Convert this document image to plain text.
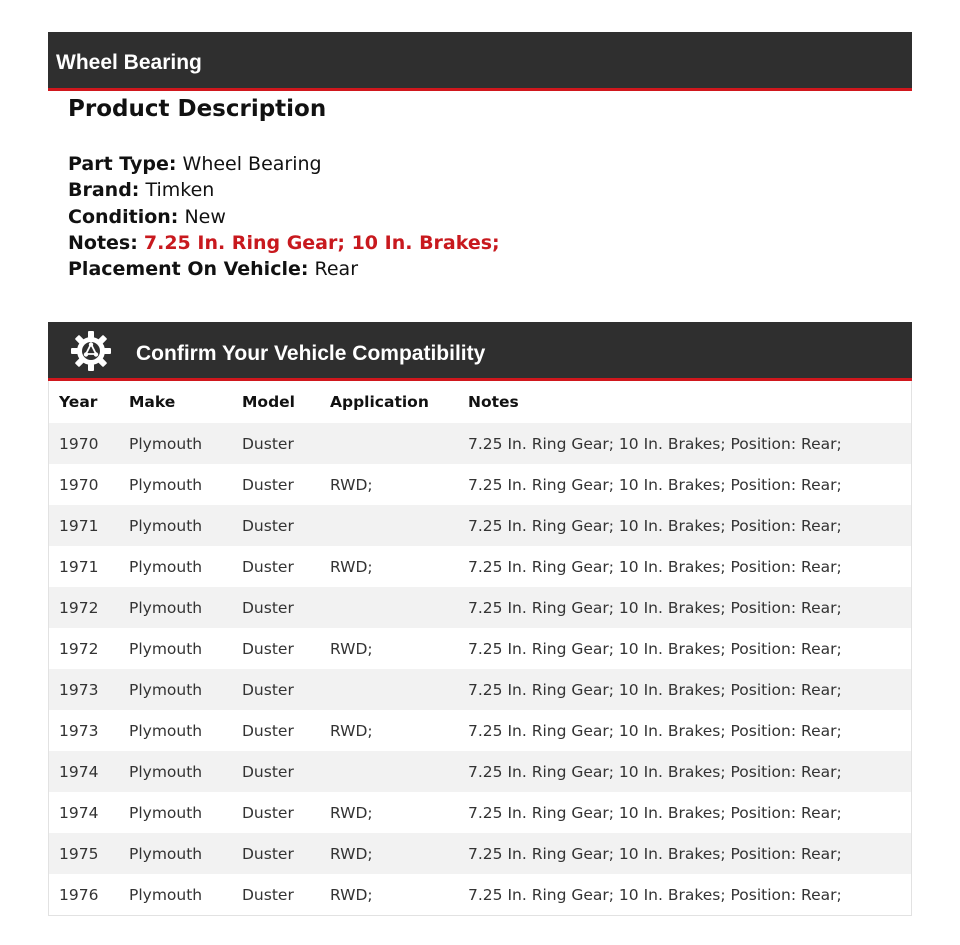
Wheel Bearing
Product Description
Part Type: Wheel Bearing
Brand: Timken
Condition: New
Notes: 7.25 In. Ring Gear; 10 In. Brakes;
Placement On Vehicle: Rear
Confirm Your Vehicle Compatibility
Year	Make	Model	Application	Notes
1970	Plymouth	Duster		7.25 In. Ring Gear; 10 In. Brakes; Position: Rear;
1970	Plymouth	Duster	RWD;	7.25 In. Ring Gear; 10 In. Brakes; Position: Rear;
1971	Plymouth	Duster		7.25 In. Ring Gear; 10 In. Brakes; Position: Rear;
1971	Plymouth	Duster	RWD;	7.25 In. Ring Gear; 10 In. Brakes; Position: Rear;
1972	Plymouth	Duster		7.25 In. Ring Gear; 10 In. Brakes; Position: Rear;
1972	Plymouth	Duster	RWD;	7.25 In. Ring Gear; 10 In. Brakes; Position: Rear;
1973	Plymouth	Duster		7.25 In. Ring Gear; 10 In. Brakes; Position: Rear;
1973	Plymouth	Duster	RWD;	7.25 In. Ring Gear; 10 In. Brakes; Position: Rear;
1974	Plymouth	Duster		7.25 In. Ring Gear; 10 In. Brakes; Position: Rear;
1974	Plymouth	Duster	RWD;	7.25 In. Ring Gear; 10 In. Brakes; Position: Rear;
1975	Plymouth	Duster	RWD;	7.25 In. Ring Gear; 10 In. Brakes; Position: Rear;
1976	Plymouth	Duster	RWD;	7.25 In. Ring Gear; 10 In. Brakes; Position: Rear;
